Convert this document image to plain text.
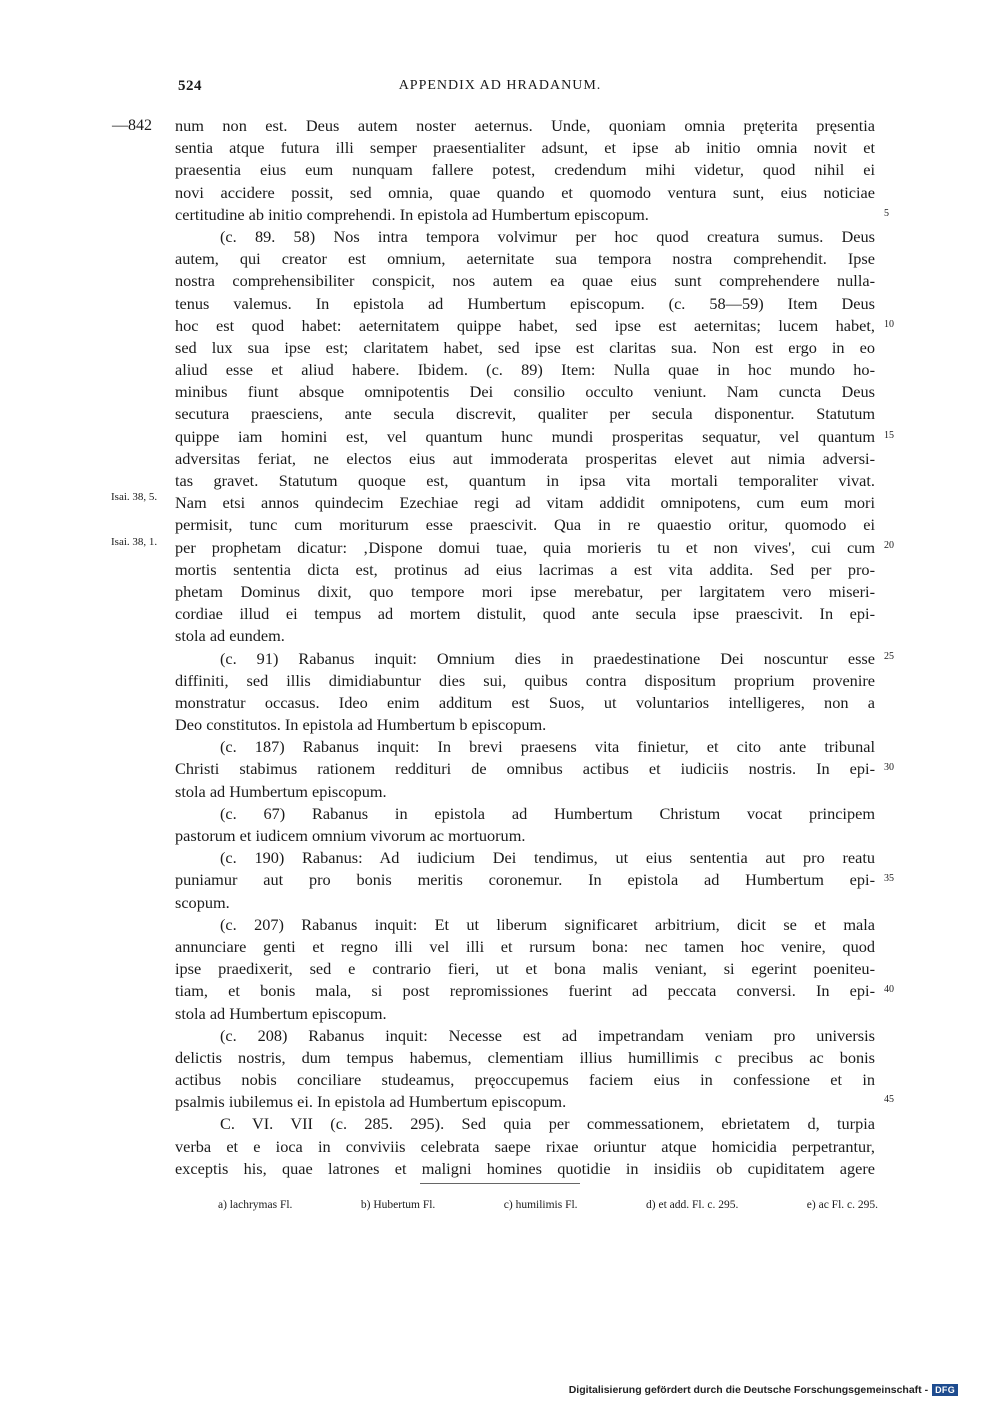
524	APPENDIX AD HRADANUM.
—842
Isai. 38, 5.
Isai. 38, 1.
5
10
15
20
25
30
35
40
45
num non est. Deus autem noster aeternus. Unde, quoniam omnia pręterita pręsentia
sentia atque futura illi semper praesentialiter adsunt, et ipse ab initio omnia novit et
praesentia eius eum nunquam fallere potest, credendum mihi videtur, quod nihil ei
novi accidere possit, sed omnia, quae quando et quomodo ventura sunt, eius noticiae
certitudine ab initio comprehendi. In epistola ad Humbertum episcopum.
(c. 89. 58) Nos intra tempora volvimur per hoc quod creatura sumus. Deus
autem, qui creator est omnium, aeternitate sua tempora nostra comprehendit. Ipse
nostra comprehensibiliter conspicit, nos autem ea quae eius sunt comprehendere nulla-
tenus valemus. In epistola ad Humbertum episcopum. (c. 58—59) Item Deus
hoc est quod habet: aeternitatem quippe habet, sed ipse est aeternitas; lucem habet,
sed lux sua ipse est; claritatem habet, sed ipse est claritas sua. Non est ergo in eo
aliud esse et aliud habere. Ibidem. (c. 89) Item: Nulla quae in hoc mundo ho-
minibus fiunt absque omnipotentis Dei consilio occulto veniunt. Nam cuncta Deus
secutura praesciens, ante secula discrevit, qualiter per secula disponentur. Statutum
quippe iam homini est, vel quantum hunc mundi prosperitas sequatur, vel quantum
adversitas feriat, ne electos eius aut immoderata prosperitas elevet aut nimia adversi-
tas gravet. Statutum quoque est, quantum in ipsa vita mortali temporaliter vivat.
Nam etsi annos quindecim Ezechiae regi ad vitam addidit omnipotens, cum eum mori
permisit, tunc cum moriturum esse praescivit. Qua in re quaestio oritur, quomodo ei
per prophetam dicatur: ‚Dispone domui tuae, quia morieris tu et non vives', cui cum
mortis sententia dicta est, protinus ad eius lacrimas a est vita addita. Sed per pro-
phetam Dominus dixit, quo tempore mori ipse merebatur, per largitatem vero miseri-
cordiae illud ei tempus ad mortem distulit, quod ante secula ipse praescivit. In epi-
stola ad eundem.
(c. 91) Rabanus inquit: Omnium dies in praedestinatione Dei noscuntur esse
diffiniti, sed illis dimidiabuntur dies sui, quibus contra dispositum proprium provenire
monstratur occasus. Ideo enim additum est Suos, ut voluntarios intelligeres, non a
Deo constitutos. In epistola ad Humbertum b episcopum.
(c. 187) Rabanus inquit: In brevi praesens vita finietur, et cito ante tribunal
Christi stabimus rationem reddituri de omnibus actibus et iudiciis nostris. In epi-
stola ad Humbertum episcopum.
(c. 67) Rabanus in epistola ad Humbertum Christum vocat principem
pastorum et iudicem omnium vivorum ac mortuorum.
(c. 190) Rabanus: Ad iudicium Dei tendimus, ut eius sententia aut pro reatu
puniamur aut pro bonis meritis coronemur. In epistola ad Humbertum epi-
scopum.
(c. 207) Rabanus inquit: Et ut liberum significaret arbitrium, dicit se et mala
annunciare genti et regno illi vel illi et rursum bona: nec tamen hoc venire, quod
ipse praedixerit, sed e contrario fieri, ut et bona malis veniant, si egerint poeniteu-
tiam, et bonis mala, si post repromissiones fuerint ad peccata conversi. In epi-
stola ad Humbertum episcopum.
(c. 208) Rabanus inquit: Necesse est ad impetrandam veniam pro universis
delictis nostris, dum tempus habemus, clementiam illius humillimis c precibus ac bonis
actibus nobis conciliare studeamus, pręoccupemus faciem eius in confessione et in
psalmis iubilemus ei. In epistola ad Humbertum episcopum.
C. VI. VII (c. 285. 295). Sed quia per commessationem, ebrietatem d, turpia
verba et e ioca in conviviis celebrata saepe rixae oriuntur atque homicidia perpetrantur,
exceptis his, quae latrones et maligni homines quotidie in insidiis ob cupiditatem agere
a) lachrymas Fl.	b) Hubertum Fl.	c) humilimis Fl.	d) et add. Fl. c. 295.	e) ac Fl. c. 295.
Digitalisierung gefördert durch die Deutsche Forschungsgemeinschaft - DFG
